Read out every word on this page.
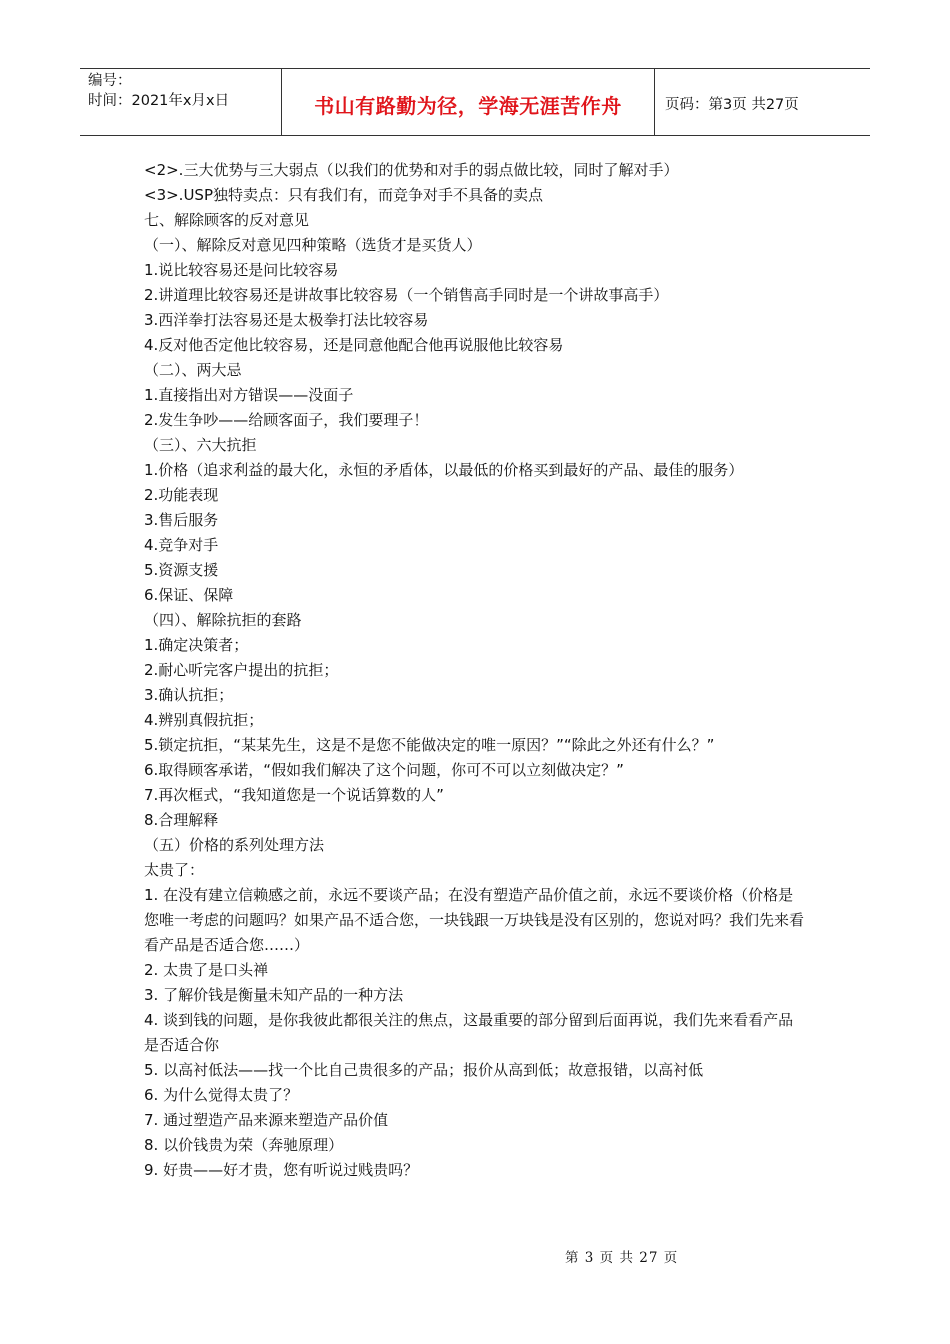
编号：
时间：2021年x月x日	书山有路勤为径，学海无涯苦作舟	页码：第3页 共27页
<2>.三大优势与三大弱点（以我们的优势和对手的弱点做比较，同时了解对手）
<3>.USP独特卖点：只有我们有，而竞争对手不具备的卖点
七、解除顾客的反对意见
（一）、解除反对意见四种策略（选货才是买货人）
1.说比较容易还是问比较容易
2.讲道理比较容易还是讲故事比较容易（一个销售高手同时是一个讲故事高手）
3.西洋拳打法容易还是太极拳打法比较容易
4.反对他否定他比较容易，还是同意他配合他再说服他比较容易
（二）、两大忌
1.直接指出对方错误——没面子
2.发生争吵——给顾客面子，我们要理子！
（三）、六大抗拒
1.价格（追求利益的最大化，永恒的矛盾体，以最低的价格买到最好的产品、最佳的服务）
2.功能表现
3.售后服务
4.竞争对手
5.资源支援
6.保证、保障
（四）、解除抗拒的套路
1.确定决策者；
2.耐心听完客户提出的抗拒；
3.确认抗拒；
4.辨别真假抗拒；
5.锁定抗拒，“某某先生，这是不是您不能做决定的唯一原因？”“除此之外还有什么？”
6.取得顾客承诺，“假如我们解决了这个问题，你可不可以立刻做决定？”
7.再次框式，“我知道您是一个说话算数的人”
8.合理解释
（五）价格的系列处理方法
太贵了：
1. 在没有建立信赖感之前，永远不要谈产品；在没有塑造产品价值之前，永远不要谈价格（价格是您唯一考虑的问题吗？如果产品不适合您，一块钱跟一万块钱是没有区别的，您说对吗？我们先来看看产品是否适合您……）
2. 太贵了是口头禅
3. 了解价钱是衡量未知产品的一种方法
4. 谈到钱的问题，是你我彼此都很关注的焦点，这最重要的部分留到后面再说，我们先来看看产品是否适合你
5. 以高衬低法——找一个比自己贵很多的产品；报价从高到低；故意报错，以高衬低
6. 为什么觉得太贵了？
7. 通过塑造产品来源来塑造产品价值
8. 以价钱贵为荣（奔驰原理）
9. 好贵——好才贵，您有听说过贱贵吗？
第 3 页 共 27 页
